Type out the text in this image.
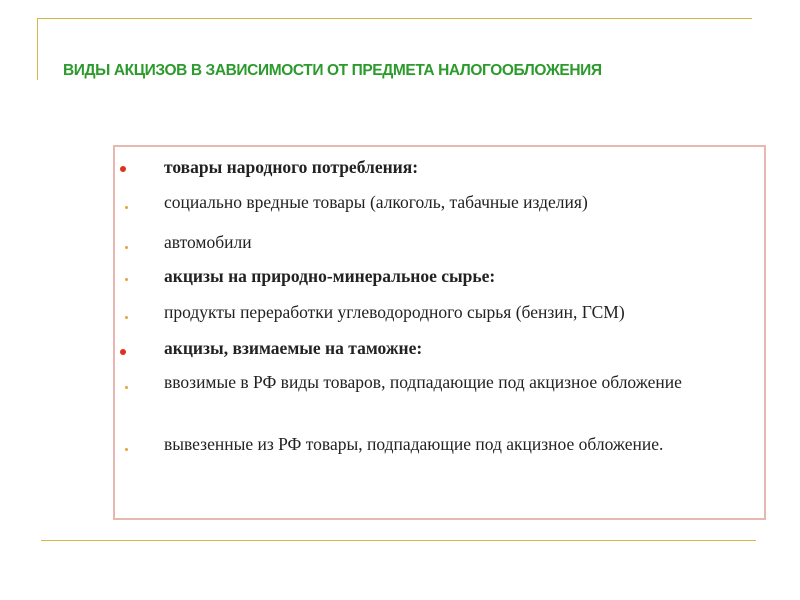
ВИДЫ АКЦИЗОВ В ЗАВИСИМОСТИ ОТ ПРЕДМЕТА НАЛОГООБЛОЖЕНИЯ
товары народного потребления:
социально вредные товары (алкоголь, табачные изделия)
автомобили
акцизы на природно-минеральное сырье:
продукты переработки углеводородного сырья (бензин, ГСМ)
акцизы, взимаемые на таможне:
ввозимые в РФ виды товаров, подпадающие под акцизное обложение
вывезенные из РФ товары, подпадающие под акцизное обложение.
